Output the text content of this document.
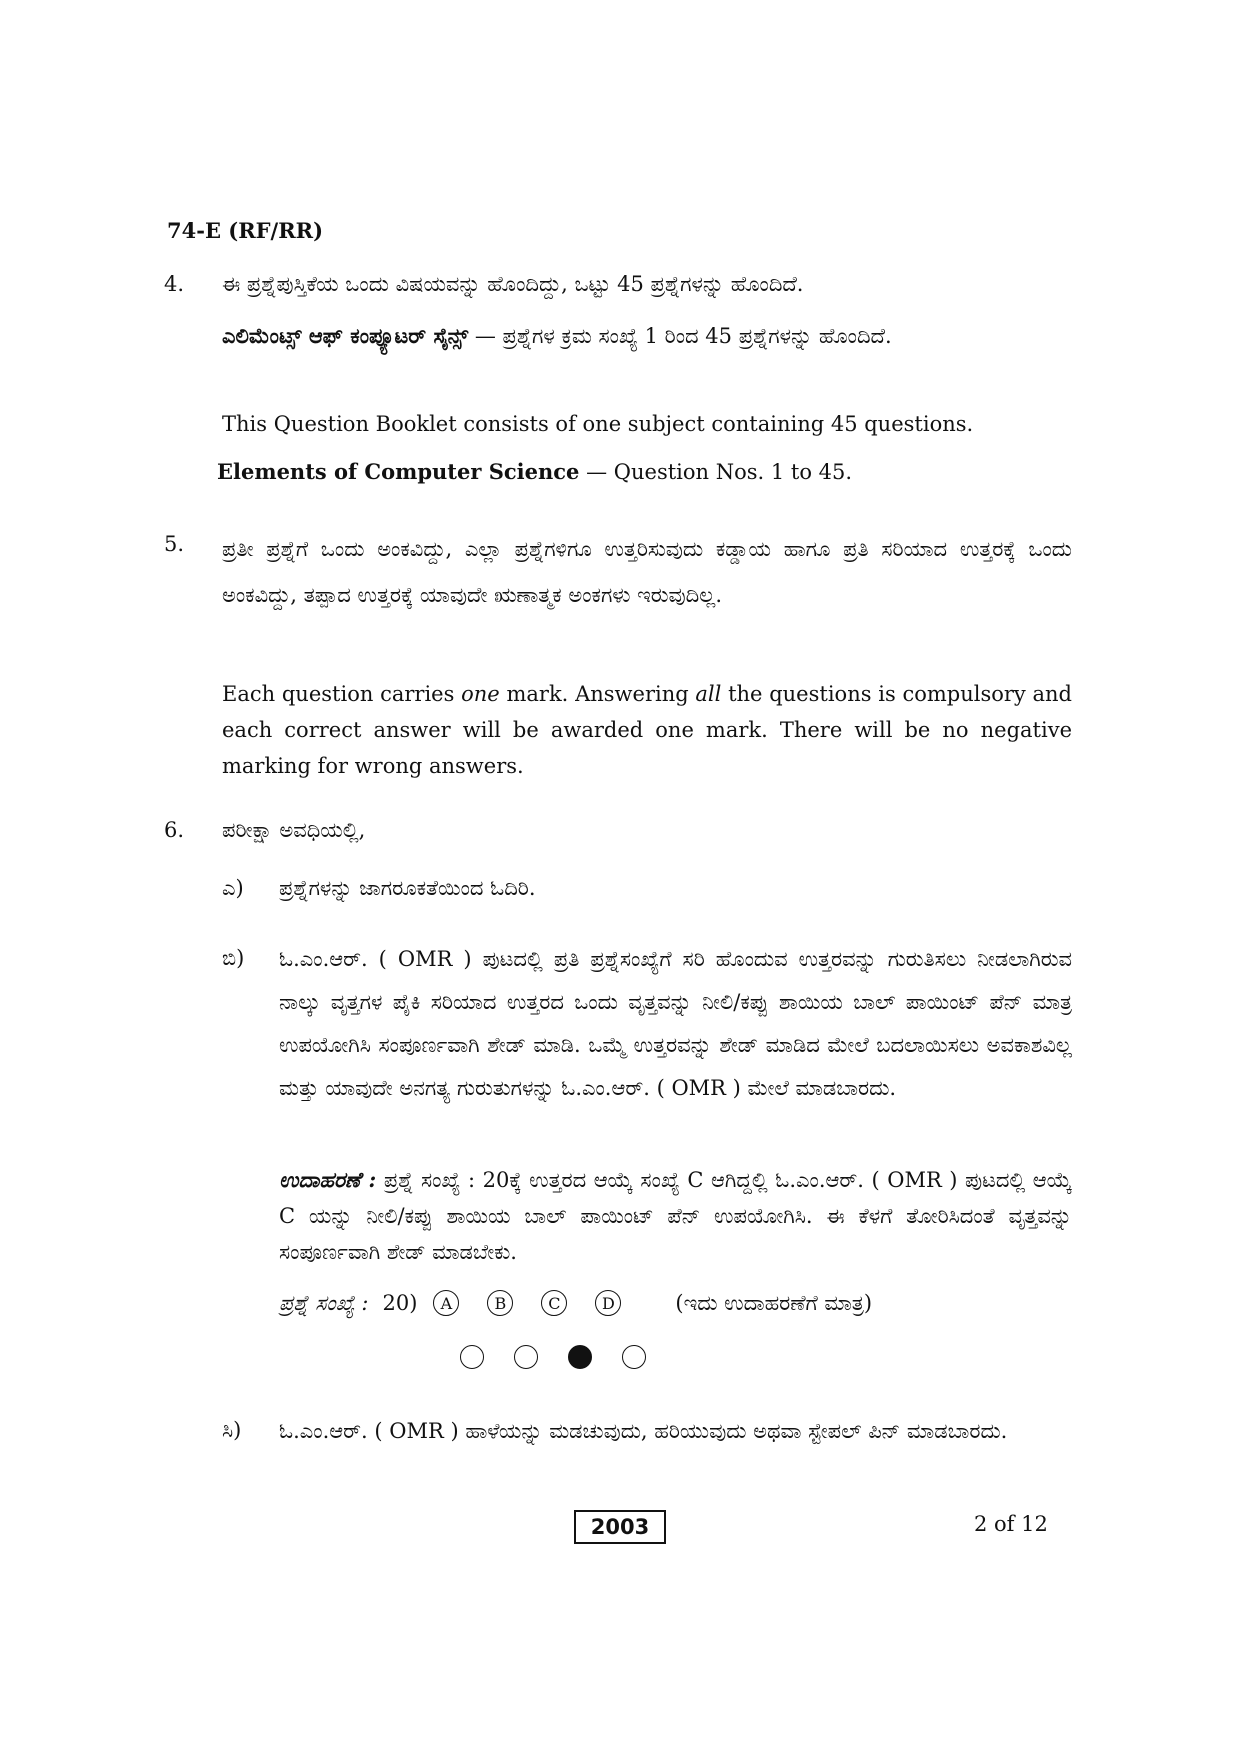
74-E (RF/RR)
4. ಈ ಪ್ರಶ್ನೆಪುಸ್ತಿಕೆಯ ಒಂದು ವಿಷಯವನ್ನು ಹೊಂದಿದ್ದು, ಒಟ್ಟು 45 ಪ್ರಶ್ನೆಗಳನ್ನು ಹೊಂದಿದೆ.
ಎಲಿಮೆಂಟ್ಸ್ ಆಫ್ ಕಂಪ್ಯೂಟರ್ ಸೈನ್ಸ್ — ಪ್ರಶ್ನೆಗಳ ಕ್ರಮ ಸಂಖ್ಯೆ 1 ರಿಂದ 45 ಪ್ರಶ್ನೆಗಳನ್ನು ಹೊಂದಿದೆ.
This Question Booklet consists of one subject containing 45 questions.
Elements of Computer Science — Question Nos. 1 to 45.
5. ಪ್ರತೀ ಪ್ರಶ್ನೆಗೆ ಒಂದು ಅಂಕವಿದ್ದು, ಎಲ್ಲಾ ಪ್ರಶ್ನೆಗಳಿಗೂ ಉತ್ತರಿಸುವುದು ಕಡ್ಡಾಯ ಹಾಗೂ ಪ್ರತಿ ಸರಿಯಾದ ಉತ್ತರಕ್ಕೆ ಒಂದು ಅಂಕವಿದ್ದು, ತಪ್ಪಾದ ಉತ್ತರಕ್ಕೆ ಯಾವುದೇ ಋಣಾತ್ಮಕ ಅಂಕಗಳು ಇರುವುದಿಲ್ಲ.
Each question carries one mark. Answering all the questions is compulsory and each correct answer will be awarded one mark. There will be no negative marking for wrong answers.
6. ಪರೀಕ್ಷಾ ಅವಧಿಯಲ್ಲಿ,
ಎ) ಪ್ರಶ್ನೆಗಳನ್ನು ಜಾಗರೂಕತೆಯಿಂದ ಓದಿರಿ.
ಬಿ) ಓ.ಎಂ.ಆರ್. ( OMR ) ಪುಟದಲ್ಲಿ ಪ್ರತಿ ಪ್ರಶ್ನೆಸಂಖ್ಯೆಗೆ ಸರಿ ಹೊಂದುವ ಉತ್ತರವನ್ನು ಗುರುತಿಸಲು ನೀಡಲಾಗಿರುವ ನಾಲ್ಕು ವೃತ್ತಗಳ ಪೈಕಿ ಸರಿಯಾದ ಉತ್ತರದ ಒಂದು ವೃತ್ತವನ್ನು ನೀಲಿ/ಕಪ್ಪು ಶಾಯಿಯ ಬಾಲ್ ಪಾಯಿಂಟ್ ಪೆನ್ ಮಾತ್ರ ಉಪಯೋಗಿಸಿ ಸಂಪೂರ್ಣವಾಗಿ ಶೇಡ್ ಮಾಡಿ. ಒಮ್ಮೆ ಉತ್ತರವನ್ನು ಶೇಡ್ ಮಾಡಿದ ಮೇಲೆ ಬದಲಾಯಿಸಲು ಅವಕಾಶವಿಲ್ಲ ಮತ್ತು ಯಾವುದೇ ಅನಗತ್ಯ ಗುರುತುಗಳನ್ನು ಓ.ಎಂ.ಆರ್. ( OMR ) ಮೇಲೆ ಮಾಡಬಾರದು.
ಉದಾಹರಣೆ : ಪ್ರಶ್ನೆ ಸಂಖ್ಯೆ : 20ಕ್ಕೆ ಉತ್ತರದ ಆಯ್ಕೆ ಸಂಖ್ಯೆ C ಆಗಿದ್ದಲ್ಲಿ ಓ.ಎಂ.ಆರ್. ( OMR ) ಪುಟದಲ್ಲಿ ಆಯ್ಕೆ C ಯನ್ನು ನೀಲಿ/ಕಪ್ಪು ಶಾಯಿಯ ಬಾಲ್ ಪಾಯಿಂಟ್ ಪೆನ್ ಉಪಯೋಗಿಸಿ. ಈ ಕೆಳಗೆ ತೋರಿಸಿದಂತೆ ವೃತ್ತವನ್ನು ಸಂಪೂರ್ಣವಾಗಿ ಶೇಡ್ ಮಾಡಬೇಕು.
ಪ್ರಶ್ನೆ ಸಂಖ್ಯೆ : 20)	A	B	C	D	(ಇದು ಉದಾಹರಣೆಗೆ ಮಾತ್ರ)
ಸಿ) ಓ.ಎಂ.ಆರ್. ( OMR ) ಹಾಳೆಯನ್ನು ಮಡಚುವುದು, ಹರಿಯುವುದು ಅಥವಾ ಸ್ಟೇಪಲ್ ಪಿನ್ ಮಾಡಬಾರದು.
2003	2 of 12
